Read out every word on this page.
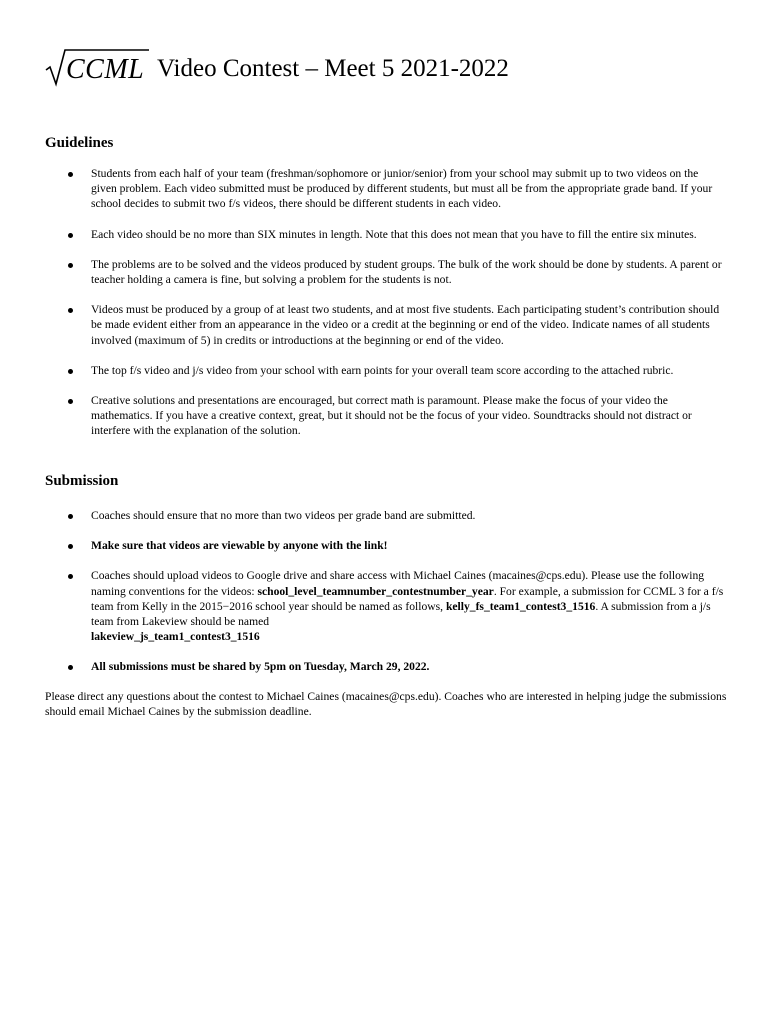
CCML Video Contest – Meet 5 2021-2022
Guidelines
Students from each half of your team (freshman/sophomore or junior/senior) from your school may submit up to two videos on the given problem. Each video submitted must be produced by different students, but must all be from the appropriate grade band. If your school decides to submit two f/s videos, there should be different students in each video.
Each video should be no more than SIX minutes in length. Note that this does not mean that you have to fill the entire six minutes.
The problems are to be solved and the videos produced by student groups. The bulk of the work should be done by students. A parent or teacher holding a camera is fine, but solving a problem for the students is not.
Videos must be produced by a group of at least two students, and at most five students. Each participating student’s contribution should be made evident either from an appearance in the video or a credit at the beginning or end of the video. Indicate names of all students involved (maximum of 5) in credits or introductions at the beginning or end of the video.
The top f/s video and j/s video from your school with earn points for your overall team score according to the attached rubric.
Creative solutions and presentations are encouraged, but correct math is paramount. Please make the focus of your video the mathematics. If you have a creative context, great, but it should not be the focus of your video. Soundtracks should not distract or interfere with the explanation of the solution.
Submission
Coaches should ensure that no more than two videos per grade band are submitted.
Make sure that videos are viewable by anyone with the link!
Coaches should upload videos to Google drive and share access with Michael Caines (macaines@cps.edu). Please use the following naming conventions for the videos: school_level_teamnumber_contestnumber_year. For example, a submission for CCML 3 for a f/s team from Kelly in the 2015−2016 school year should be named as follows, kelly_fs_team1_contest3_1516. A submission from a j/s team from Lakeview should be named
lakeview_js_team1_contest3_1516
All submissions must be shared by 5pm on Tuesday, March 29, 2022.

Please direct any questions about the contest to Michael Caines (macaines@cps.edu). Coaches who are interested in helping judge the submissions should email Michael Caines by the submission deadline.
